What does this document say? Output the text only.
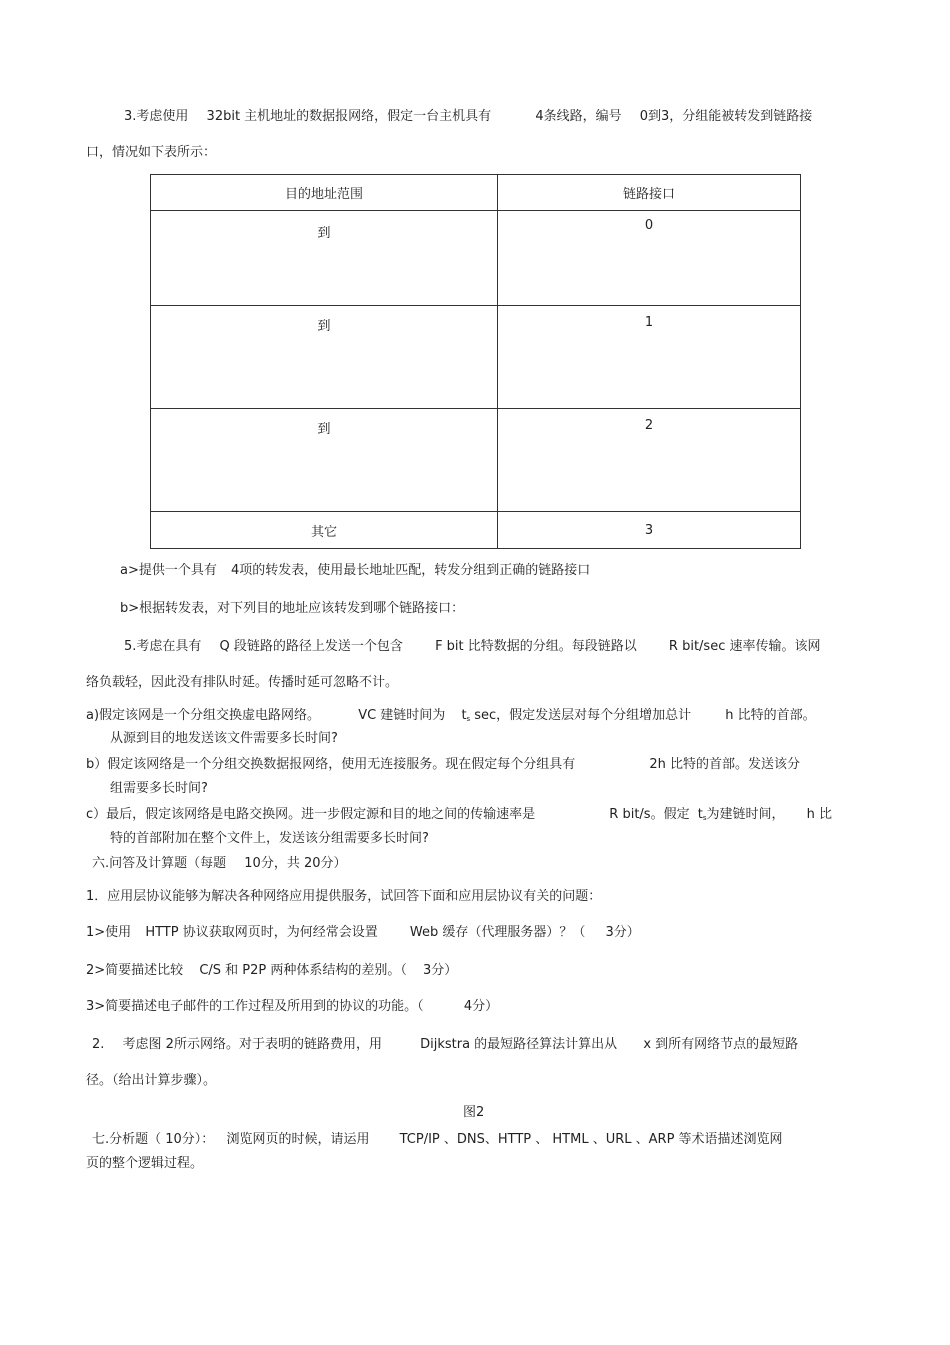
3.考虑使用 32bit 主机地址的数据报网络，假定一台主机具有	4条线路，编号 0到3，分组能被转发到链路接
口，情况如下表所示：
目的地址范围	链路接口

到	0

到	1

到	2

其它	3
a>提供一个具有 4项的转发表，使用最长地址匹配，转发分组到正确的链路接口
b>根据转发表，对下列目的地址应该转发到哪个链路接口：
5.考虑在具有 Q 段链路的路径上发送一个包含 F bit 比特数据的分组。每段链路以 R bit/sec 速率传输。该网
络负载轻，因此没有排队时延。传播时延可忽略不计。
a)假定该网是一个分组交换虚电路网络。	VC 建链时间为 ts sec，假定发送层对每个分组增加总计	h 比特的首部。
从源到目的地发送该文件需要多长时间?
b）假定该网络是一个分组交换数据报网络，使用无连接服务。现在假定每个分组具有	2h 比特的首部。发送该分
组需要多长时间?
c）最后，假定该网络是电路交换网。进一步假定源和目的地之间的传输速率是	R bit/s。假定 ts为建链时间， h 比
特的首部附加在整个文件上，发送该分组需要多长时间?
六.问答及计算题（每题 10分，共 20分）
1．应用层协议能够为解决各种网络应用提供服务，试回答下面和应用层协议有关的问题：
1>使用 HTTP 协议获取网页时，为何经常会设置 Web 缓存（代理服务器）？（ 3分）
2>简要描述比较 C/S 和 P2P 两种体系结构的差别。（ 3分）
3>简要描述电子邮件的工作过程及所用到的协议的功能。（	4分）
2. 考虑图 2所示网络。对于表明的链路费用，用	Dijkstra 的最短路径算法计算出从 x 到所有网络节点的最短路
径。（给出计算步骤）。
图2
七.分析题（ 10分）： 浏览网页的时候，请运用 TCP/IP 、DNS、HTTP 、 HTML 、URL 、ARP 等术语描述浏览网
页的整个逻辑过程。
